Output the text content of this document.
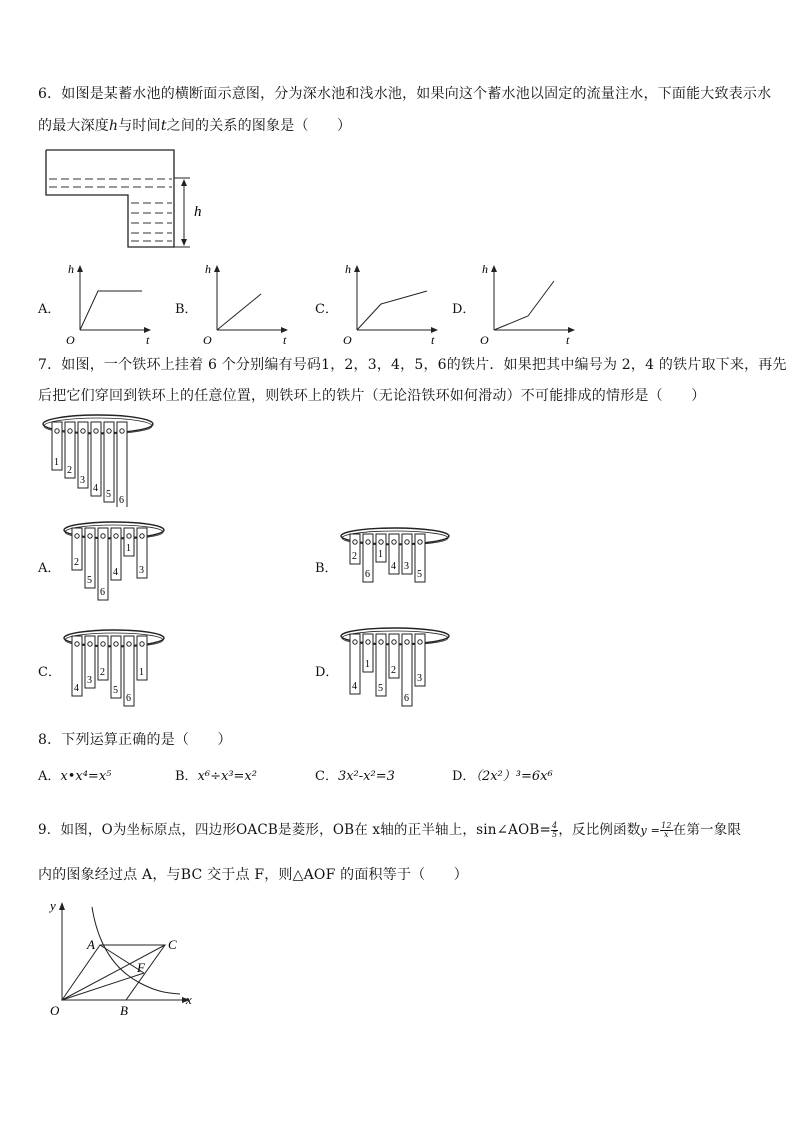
6．如图是某蓄水池的横断面示意图，分为深水池和浅水池，如果向这个蓄水池以固定的流量注水，下面能大致表示水
的最大深度h与时间t之间的关系的图象是（　　）
h
A．
h
t
O
B．
h
t
O
C．
h
t
O
D．
h
t
O
7．如图，一个铁环上挂着 6 个分别编有号码1，2，3，4，5，6的铁片．如果把其中编号为 2，4 的铁片取下来，再先
后把它们穿回到铁环上的任意位置，则铁环上的铁片（无论沿铁环如何滑动）不可能排成的情形是（　　）
1
2
3
4
5
6
A． 2
5
6
4
1
3	B．
2
6
1
4 3
5
C．
4
3
2
5
6
1	D．
4
1
5
2
6
3
8．下列运算正确的是（　　）
A．x•x⁴=x⁵	B．x⁶÷x³=x²	C．3x²-x²=3	D．（2x²）³=6x⁶
9．如图，O为坐标原点，四边形OACB是菱形，OB在 x轴的正半轴上，sin∠AOB= $\frac{4}{5}$ ，反比例函数$y = \frac{12}{x}$ 在第一象限
内的图象经过点 A，与BC 交于点 F，则△AOF 的面积等于（　　）
y
x
O
A	C
F
B
